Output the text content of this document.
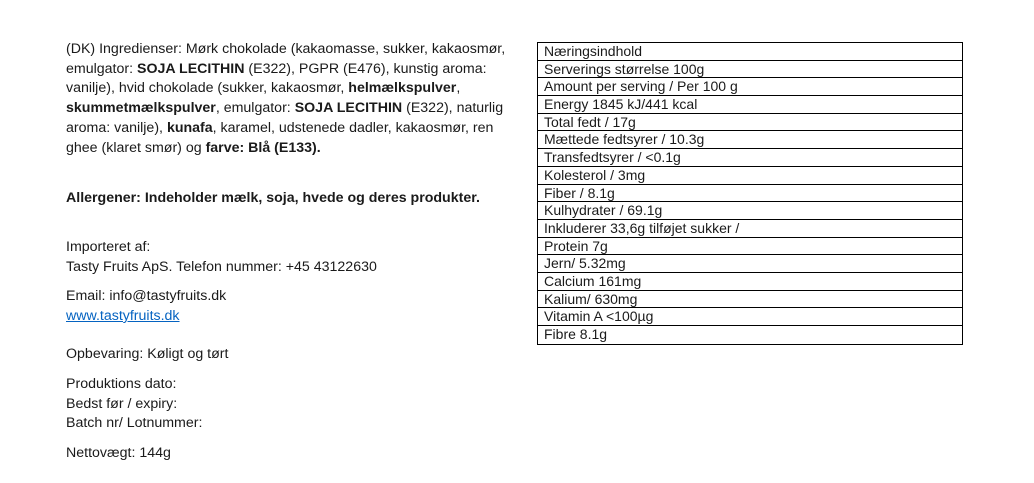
(DK) Ingredienser: Mørk chokolade (kakaomasse, sukker, kakaosmør,
emulgator: SOJA LECITHIN (E322), PGPR (E476), kunstig aroma:
vanilje), hvid chokolade (sukker, kakaosmør, helmælkspulver,
skummetmælkspulver, emulgator: SOJA LECITHIN (E322), naturlig
aroma: vanilje), kunafa, karamel, udstenede dadler, kakaosmør, ren
ghee (klaret smør) og farve: Blå (E133).
Allergener: Indeholder mælk, soja, hvede og deres produkter.
Importeret af:
Tasty Fruits ApS. Telefon nummer: +45 43122630
Email: info@tastyfruits.dk
www.tastyfruits.dk
Opbevaring: Køligt og tørt
Produktions dato:
Bedst før / expiry:
Batch nr/ Lotnummer:
Nettovægt: 144g
Næringsindhold
Serverings størrelse 100g
Amount per serving / Per 100 g
Energy 1845 kJ/441 kcal
Total fedt / 17g
Mættede fedtsyrer / 10.3g
Transfedtsyrer / <0.1g
Kolesterol / 3mg
Fiber / 8.1g
Kulhydrater / 69.1g
Inkluderer 33,6g tilføjet sukker /
Protein 7g
Jern/ 5.32mg
Calcium 161mg
Kalium/ 630mg
Vitamin A <100µg
Fibre 8.1g
